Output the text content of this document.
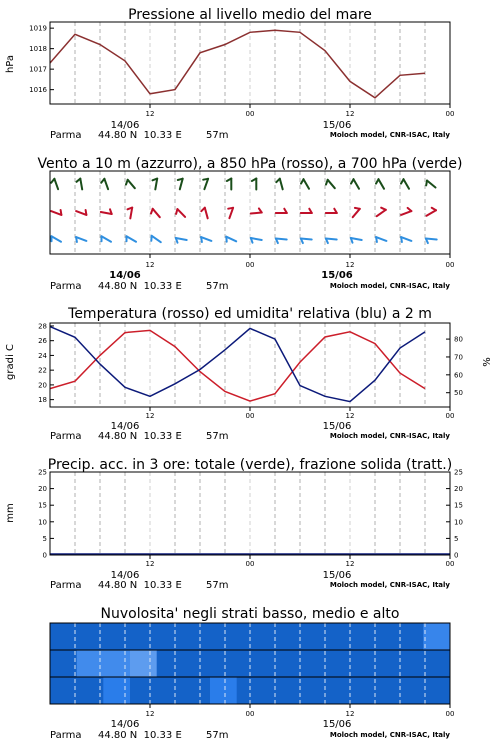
Pressione al livello medio del mare
hPa
1016
1017
1018
1019
12	00	12	00
14/06	15/06
Parma 44.80 N  10.33 E 57m	Moloch model, CNR-ISAC, Italy
Vento a 10 m (azzurro), a 850 hPa (rosso), a 700 hPa (verde)
12	00	12	00
14/06	15/06
Parma 44.80 N  10.33 E 57m	Moloch model, CNR-ISAC, Italy
Temperatura (rosso) ed umidita' relativa (blu) a 2 m
gradi C	%
18
20
22
24
26
28
50
60
70
80
12	00	12	00
14/06	15/06
Parma 44.80 N  10.33 E 57m	Moloch model, CNR-ISAC, Italy
Precip. acc. in 3 ore: totale (verde), frazione solida (tratt.)
mm
0
5
10
15
20
25
0
5
10
15
20
25
12	00	12	00
14/06	15/06
Parma 44.80 N  10.33 E 57m	Moloch model, CNR-ISAC, Italy
Nuvolosita' negli strati basso, medio e alto
12	00	12	00
14/06	15/06
Parma 44.80 N  10.33 E 57m	Moloch model, CNR-ISAC, Italy
